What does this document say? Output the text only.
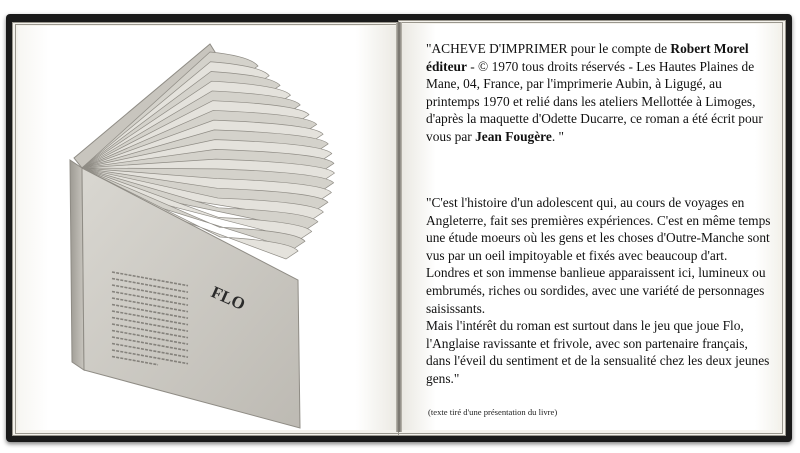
FLO
"ACHEVE D'IMPRIMER pour le compte de Robert Morel éditeur - © 1970 tous droits réservés - Les Hautes Plaines de Mane, 04, France, par l'imprimerie Aubin, à Ligugé, au printemps 1970 et relié dans les ateliers Mellottée à Limoges, d'après la maquette d'Odette Ducarre, ce roman a été écrit pour vous par Jean Fougère. "

"C'est l'histoire d'un adolescent qui, au cours de voyages en Angleterre, fait ses premières expériences. C'est en même temps une étude moeurs où les gens et les choses d'Outre-Manche sont vus par un oeil impitoyable et fixés avec beaucoup d'art.

Londres et son immense banlieue apparaissent ici, lumineux ou embrumés, riches ou sordides, avec une variété de personnages saisissants.

Mais l'intérêt du roman est surtout dans le jeu que joue Flo, l'Anglaise ravissante et frivole, avec son partenaire français, dans l'éveil du sentiment et de la sensualité chez les deux jeunes gens."

(texte tiré d'une présentation du livre)
